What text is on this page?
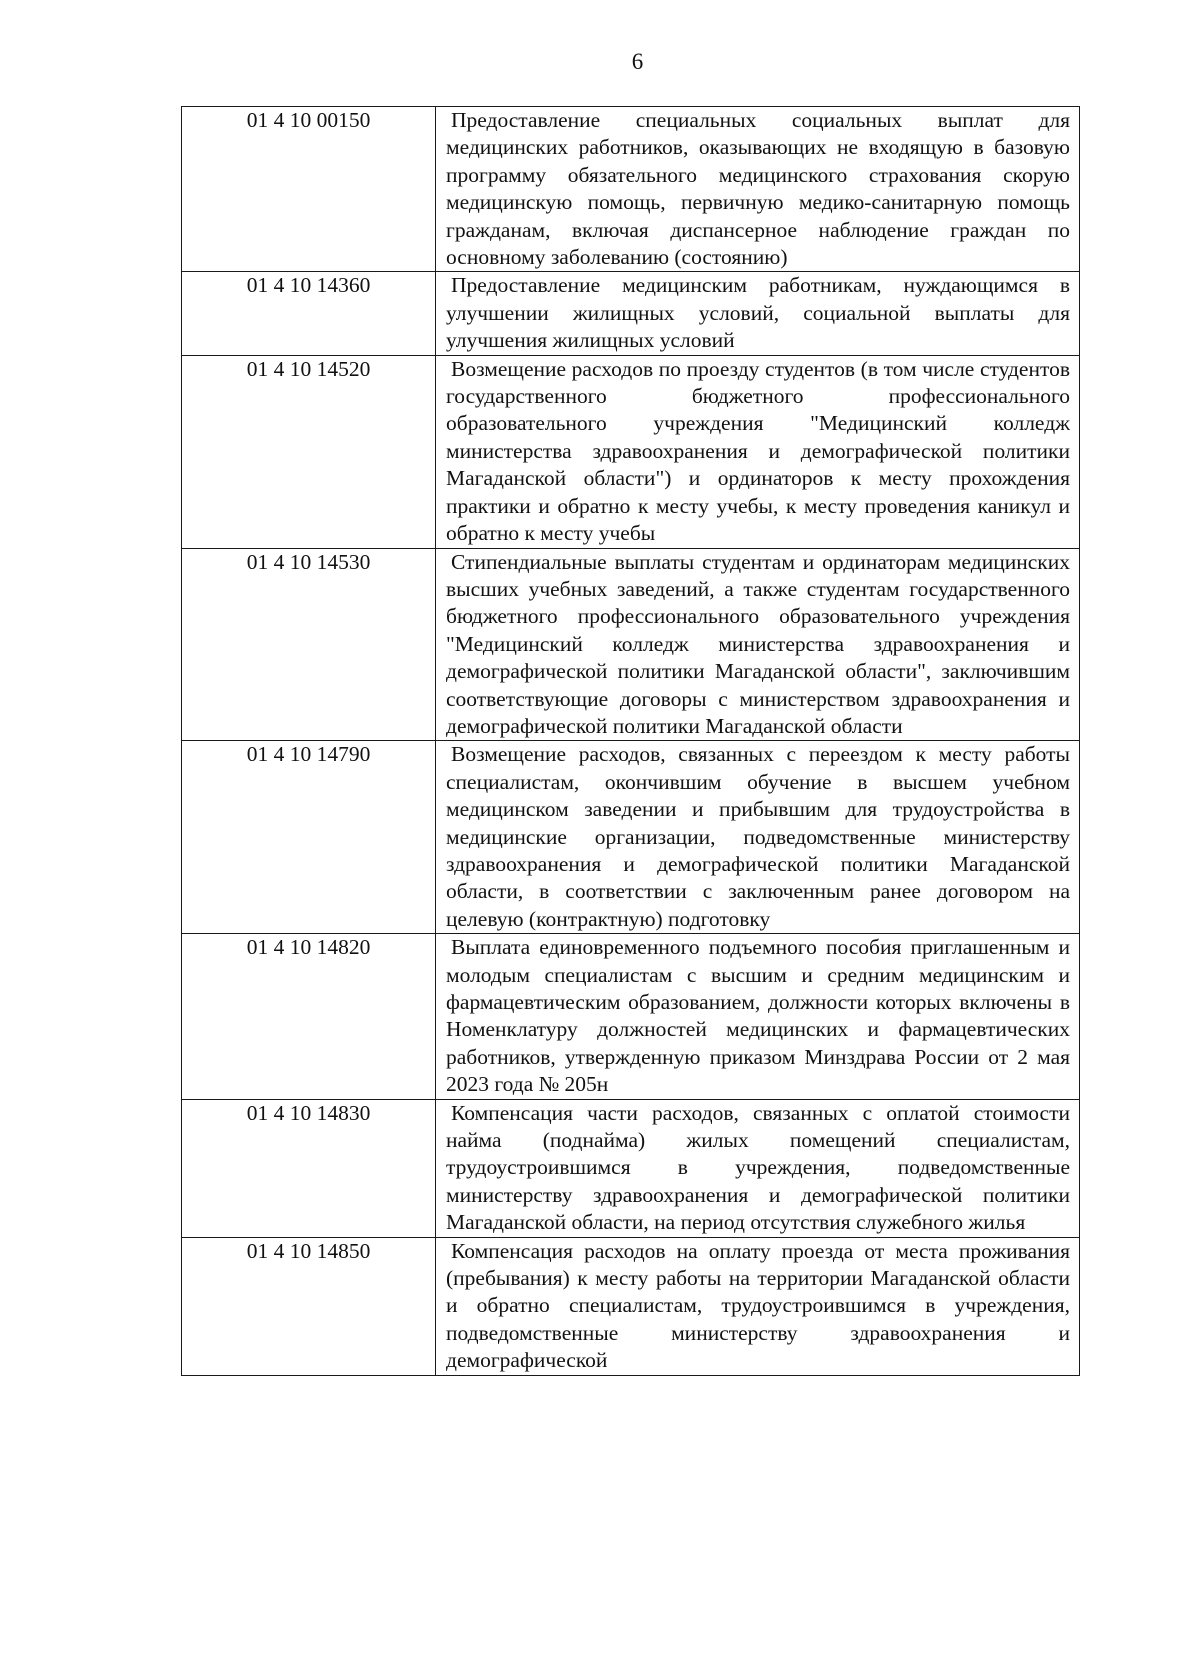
6
01 4 10 00150	Предоставление специальных социальных выплат для медицинских работников, оказывающих не входящую в базовую программу обязательного медицинского страхования скорую медицинскую помощь, первичную медико-санитарную помощь гражданам, включая диспансерное наблюдение граждан по основному заболеванию (состоянию)
01 4 10 14360	Предоставление медицинским работникам, нуждающимся в улучшении жилищных условий, социальной выплаты для улучшения жилищных условий
01 4 10 14520	Возмещение расходов по проезду студентов (в том числе студентов государственного бюджетного профессионального образовательного учреждения "Медицинский колледж министерства здравоохранения и демографической политики Магаданской области") и ординаторов к месту прохождения практики и обратно к месту учебы, к месту проведения каникул и обратно к месту учебы
01 4 10 14530	Стипендиальные выплаты студентам и ординаторам медицинских высших учебных заведений, а также студентам государственного бюджетного профессионального образовательного учреждения "Медицинский колледж министерства здравоохранения и демографической политики Магаданской области", заключившим соответствующие договоры с министерством здравоохранения и демографической политики Магаданской области
01 4 10 14790	Возмещение расходов, связанных с переездом к месту работы специалистам, окончившим обучение в высшем учебном медицинском заведении и прибывшим для трудоустройства в медицинские организации, подведомственные министерству здравоохранения и демографической политики Магаданской области, в соответствии с заключенным ранее договором на целевую (контрактную) подготовку
01 4 10 14820	Выплата единовременного подъемного пособия приглашенным и молодым специалистам с высшим и средним медицинским и фармацевтическим образованием, должности которых включены в Номенклатуру должностей медицинских и фармацевтических работников, утвержденную приказом Минздрава России от 2 мая 2023 года № 205н
01 4 10 14830	Компенсация части расходов, связанных с оплатой стоимости найма (поднайма) жилых помещений специалистам, трудоустроившимся в учреждения, подведомственные министерству здравоохранения и демографической политики Магаданской области, на период отсутствия служебного жилья
01 4 10 14850	Компенсация расходов на оплату проезда от места проживания (пребывания) к месту работы на территории Магаданской области и обратно специалистам, трудоустроившимся в учреждения, подведомственные министерству здравоохранения и демографической
